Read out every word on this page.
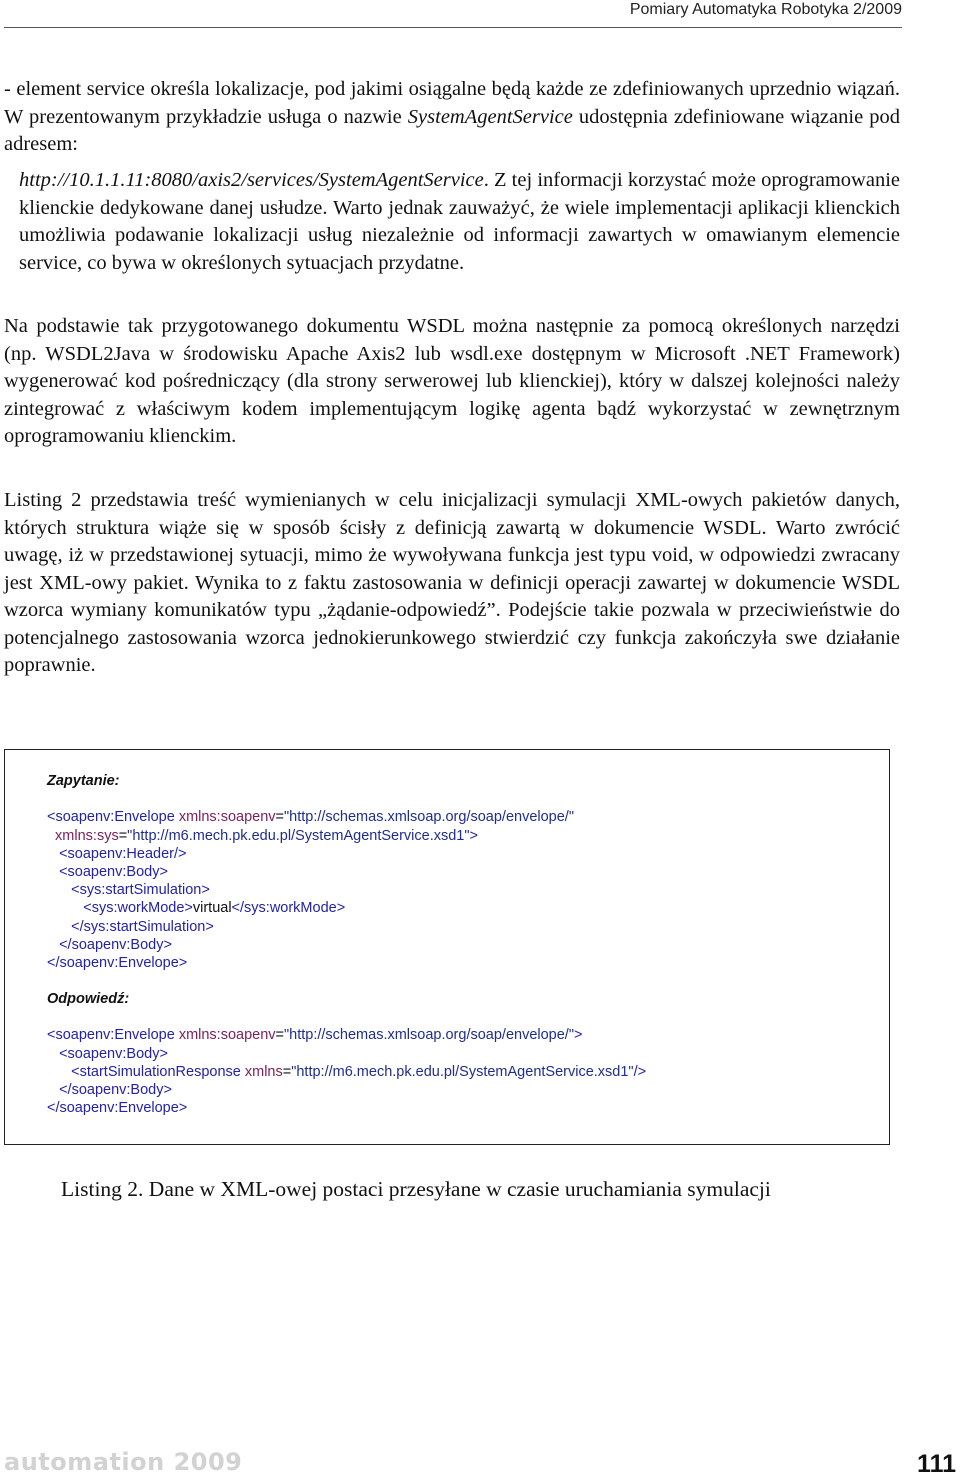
Pomiary Automatyka Robotyka 2/2009

- element service określa lokalizacje, pod jakimi osiągalne będą każde ze zdefiniowanych uprzednio wiązań. W prezentowanym przykładzie usługa o nazwie SystemAgentService udostępnia zdefiniowane wiązanie pod adresem:

http://10.1.1.11:8080/axis2/services/SystemAgentService. Z tej informacji korzystać może oprogramowanie klienckie dedykowane danej usłudze. Warto jednak zauważyć, że wiele implementacji aplikacji klienckich umożliwia podawanie lokalizacji usług niezależnie od informacji zawartych w omawianym elemencie service, co bywa w określonych sytuacjach przydatne.

Na podstawie tak przygotowanego dokumentu WSDL można następnie za pomocą określonych narzędzi (np. WSDL2Java w środowisku Apache Axis2 lub wsdl.exe dostępnym w Microsoft .NET Framework) wygenerować kod pośredniczący (dla strony serwerowej lub klienckiej), który w dalszej kolejności należy zintegrować z właściwym kodem implementującym logikę agenta bądź wykorzystać w zewnętrznym oprogramowaniu klienckim.

Listing 2 przedstawia treść wymienianych w celu inicjalizacji symulacji XML-owych pakietów danych, których struktura wiąże się w sposób ścisły z definicją zawartą w dokumencie WSDL. Warto zwrócić uwagę, iż w przedstawionej sytuacji, mimo że wywoływana funkcja jest typu void, w odpowiedzi zwracany jest XML-owy pakiet. Wynika to z faktu zastosowania w definicji operacji zawartej w dokumencie WSDL wzorca wymiany komunikatów typu „żądanie-odpowiedź”. Podejście takie pozwala w przeciwieństwie do potencjalnego zastosowania wzorca jednokierunkowego stwierdzić czy funkcja zakończyła swe działanie poprawnie.

Zapytanie:

<soapenv:Envelope xmlns:soapenv="http://schemas.xmlsoap.org/soap/envelope/"
xmlns:sys="http://m6.mech.pk.edu.pl/SystemAgentService.xsd1">
<soapenv:Header/>
<soapenv:Body>
<sys:startSimulation>
<sys:workMode>virtual</sys:workMode>
</sys:startSimulation>
</soapenv:Body>
</soapenv:Envelope>
Odpowiedź:

<soapenv:Envelope xmlns:soapenv="http://schemas.xmlsoap.org/soap/envelope/">
<soapenv:Body>
<startSimulationResponse xmlns="http://m6.mech.pk.edu.pl/SystemAgentService.xsd1"/>
</soapenv:Body>
</soapenv:Envelope>
Listing 2. Dane w XML-owej postaci przesyłane w czasie uruchamiania symulacji
automation 2009	111
